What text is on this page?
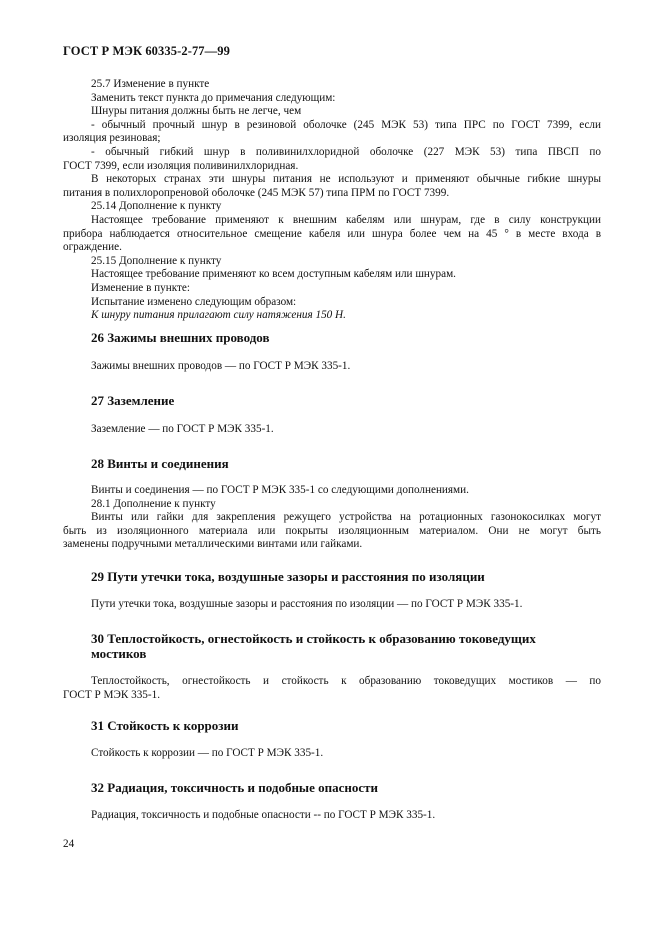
ГОСТ Р МЭК 60335-2-77—99
25.7 Изменение в пункте
Заменить текст пункта до примечания следующим:
Шнуры питания должны быть не легче, чем
- обычный прочный шнур в резиновой оболочке (245 МЭК 53) типа ПРС по ГОСТ 7399, если
изоляция резиновая;
- обычный гибкий шнур в поливинилхлоридной оболочке (227 МЭК 53) типа ПВСП по
ГОСТ 7399, если изоляция поливинилхлоридная.
В некоторых странах эти шнуры питания не используют и применяют обычные гибкие шнуры
питания в полихлоропреновой оболочке (245 МЭК 57) типа ПРМ по ГОСТ 7399.
25.14 Дополнение к пункту
Настоящее требование применяют к внешним кабелям или шнурам, где в силу конструкции
прибора наблюдается относительное смещение кабеля или шнура более чем на 45 ° в месте входа в
ограждение.
25.15 Дополнение к пункту
Настоящее требование применяют ко всем доступным кабелям или шнурам.
Изменение в пункте:
Испытание изменено следующим образом:
К шнуру питания прилагают силу натяжения 150 Н.
26 Зажимы внешних проводов
Зажимы внешних проводов — по ГОСТ Р МЭК 335-1.
27 Заземление
Заземление — по ГОСТ Р МЭК 335-1.
28 Винты и соединения
Винты и соединения — по ГОСТ Р МЭК 335-1 со следующими дополнениями.
28.1 Дополнение к пункту
Винты или гайки для закрепления режущего устройства на ротационных газонокосилках могут
быть из изоляционного материала или покрыты изоляционным материалом. Они не могут быть
заменены подручными металлическими винтами или гайками.
29 Пути утечки тока, воздушные зазоры и расстояния по изоляции
Пути утечки тока, воздушные зазоры и расстояния по изоляции — по ГОСТ Р МЭК 335-1.
30 Теплостойкость, огнестойкость и стойкость к образованию токоведущих
мостиков
Теплостойкость, огнестойкость и стойкость к образованию токоведущих мостиков — по
ГОСТ Р МЭК 335-1.
31 Стойкость к коррозии
Стойкость к коррозии — по ГОСТ Р МЭК 335-1.
32 Радиация, токсичность и подобные опасности
Радиация, токсичность и подобные опасности -- по ГОСТ Р МЭК 335-1.
24
